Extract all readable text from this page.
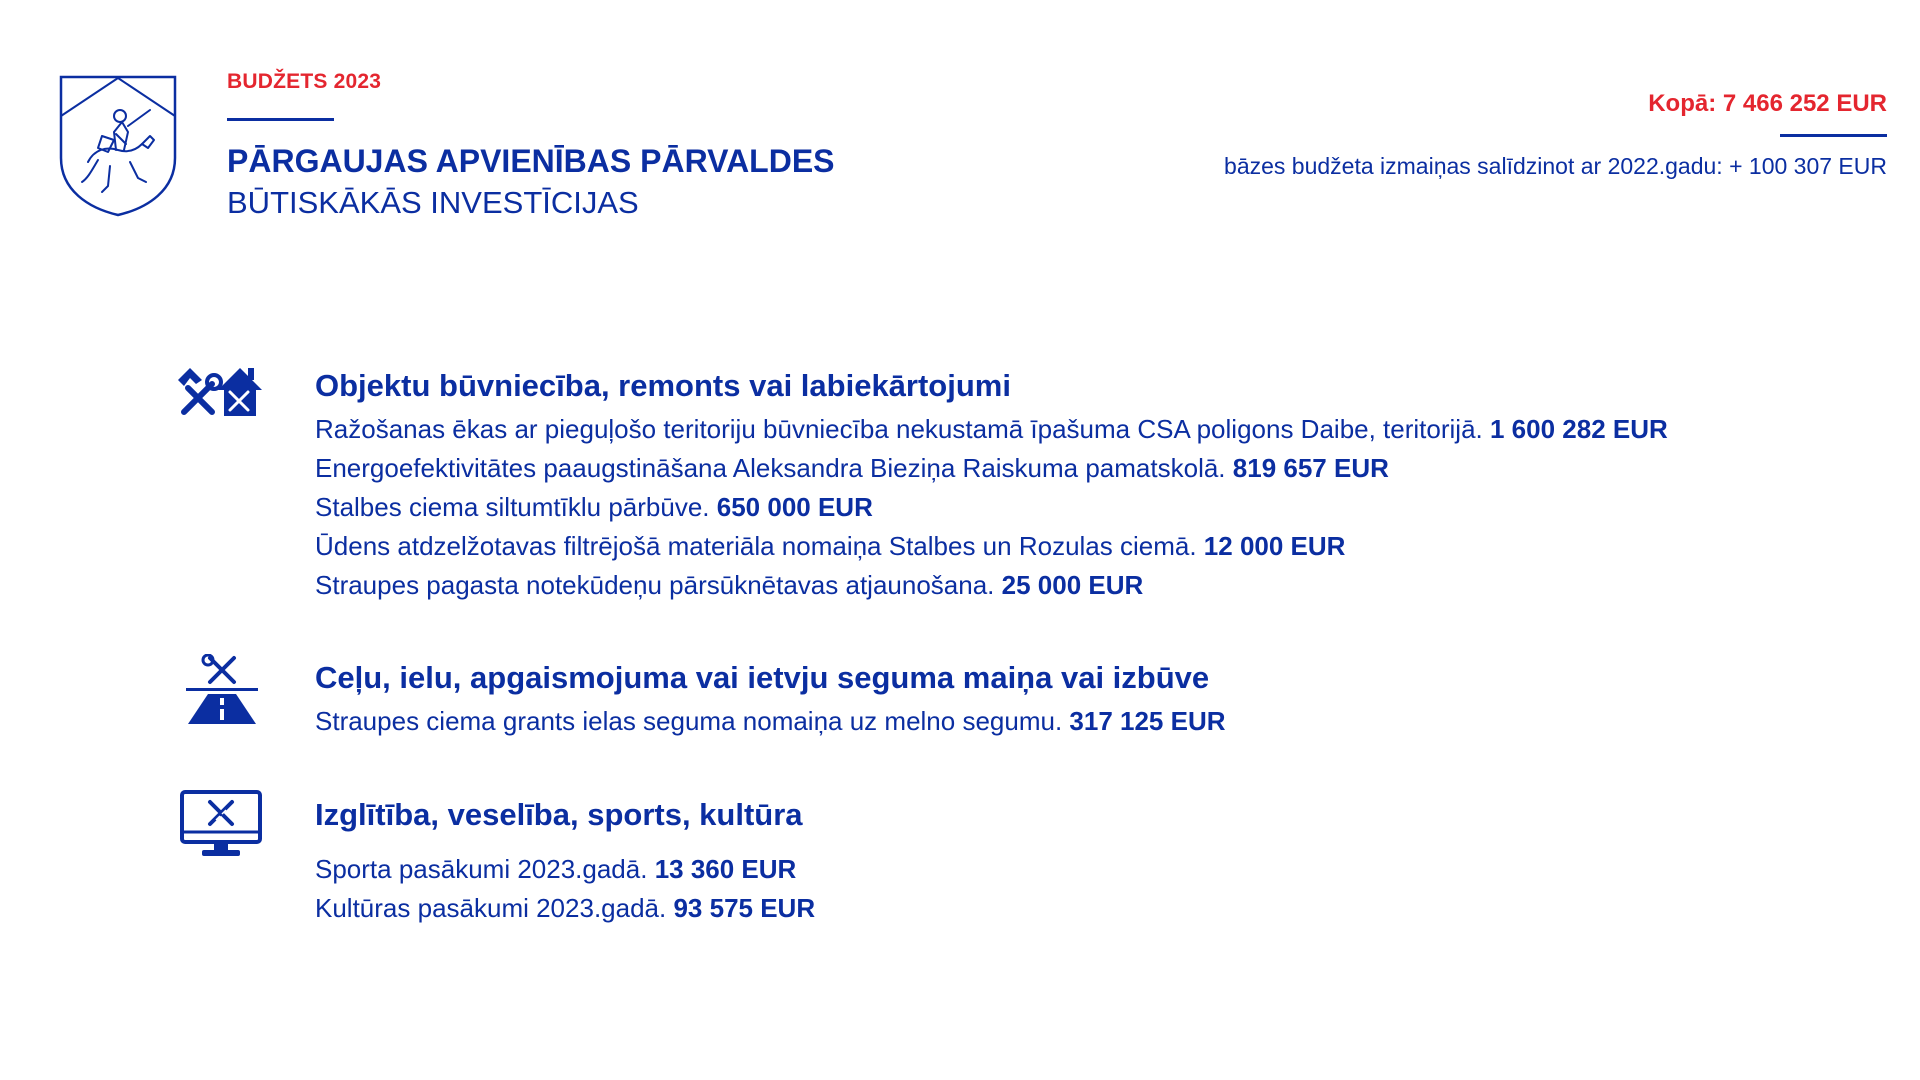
BUDŽETS 2023
PĀRGAUJAS APVIENĪBAS PĀRVALDES
BŪTISKĀKĀS INVESTĪCIJAS
Kopā: 7 466 252 EUR
bāzes budžeta izmaiņas salīdzinot ar 2022.gadu: + 100 307 EUR
Objektu būvniecība, remonts vai labiekārtojumi
Ražošanas ēkas ar pieguļošo teritoriju būvniecība nekustamā īpašuma CSA poligons Daibe, teritorijā. 1 600 282 EUR
Energoefektivitātes paaugstināšana Aleksandra Bieziņa Raiskuma pamatskolā. 819 657 EUR
Stalbes ciema siltumtīklu pārbūve. 650 000 EUR
Ūdens atdzelžotavas filtrējošā materiāla nomaiņa Stalbes un Rozulas ciemā. 12 000 EUR
Straupes pagasta notekūdeņu pārsūknētavas atjaunošana. 25 000 EUR
Ceļu, ielu, apgaismojuma vai ietvju seguma maiņa vai izbūve
Straupes ciema grants ielas seguma nomaiņa uz melno segumu. 317 125 EUR
Izglītība, veselība, sports, kultūra
Sporta pasākumi 2023.gadā. 13 360 EUR
Kultūras pasākumi 2023.gadā. 93 575 EUR
